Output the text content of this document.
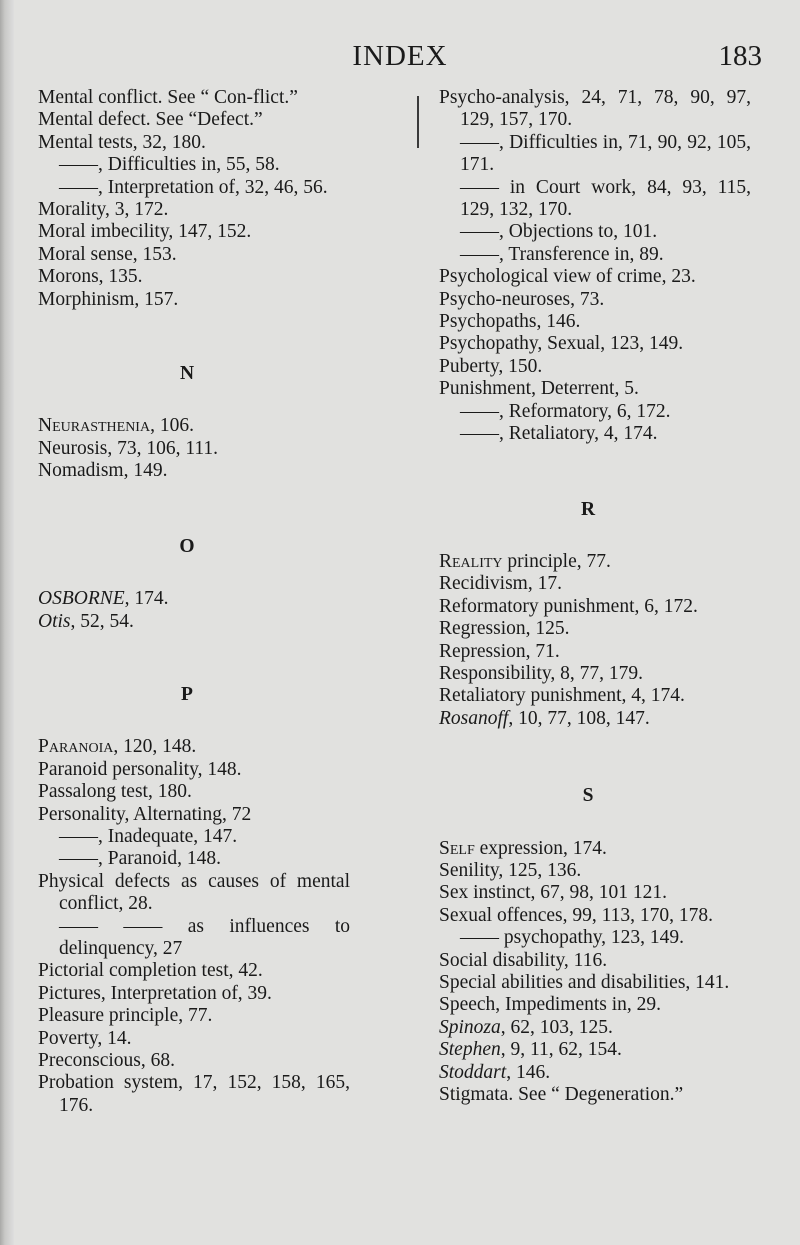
INDEX	183
Mental conflict. See “ Con-flict.”
Mental defect. See “Defect.”
Mental tests, 32, 180.
——, Difficulties in, 55, 58.
——, Interpretation of, 32, 46, 56.
Morality, 3, 172.
Moral imbecility, 147, 152.
Moral sense, 153.
Morons, 135.
Morphinism, 157.
N
Neurasthenia, 106.
Neurosis, 73, 106, 111.
Nomadism, 149.
O
OSBORNE, 174.
Otis, 52, 54.
P
Paranoia, 120, 148.
Paranoid personality, 148.
Passalong test, 180.
Personality, Alternating, 72
——, Inadequate, 147.
——, Paranoid, 148.
Physical defects as causes of mental conflict, 28.
—— —— as influences to delinquency, 27
Pictorial completion test, 42.
Pictures, Interpretation of, 39.
Pleasure principle, 77.
Poverty, 14.
Preconscious, 68.
Probation system, 17, 152, 158, 165, 176.
Psycho-analysis, 24, 71, 78, 90, 97, 129, 157, 170.
——, Difficulties in, 71, 90, 92, 105, 171.
—— in Court work, 84, 93, 115, 129, 132, 170.
——, Objections to, 101.
——, Transference in, 89.
Psychological view of crime, 23.
Psycho-neuroses, 73.
Psychopaths, 146.
Psychopathy, Sexual, 123, 149.
Puberty, 150.
Punishment, Deterrent, 5.
——, Reformatory, 6, 172.
——, Retaliatory, 4, 174.
R
Reality principle, 77.
Recidivism, 17.
Reformatory punishment, 6, 172.
Regression, 125.
Repression, 71.
Responsibility, 8, 77, 179.
Retaliatory punishment, 4, 174.
Rosanoff, 10, 77, 108, 147.
S
Self expression, 174.
Senility, 125, 136.
Sex instinct, 67, 98, 101 121.
Sexual offences, 99, 113, 170, 178.
—— psychopathy, 123, 149.
Social disability, 116.
Special abilities and disabilities, 141.
Speech, Impediments in, 29.
Spinoza, 62, 103, 125.
Stephen, 9, 11, 62, 154.
Stoddart, 146.
Stigmata. See “ Degeneration.”
